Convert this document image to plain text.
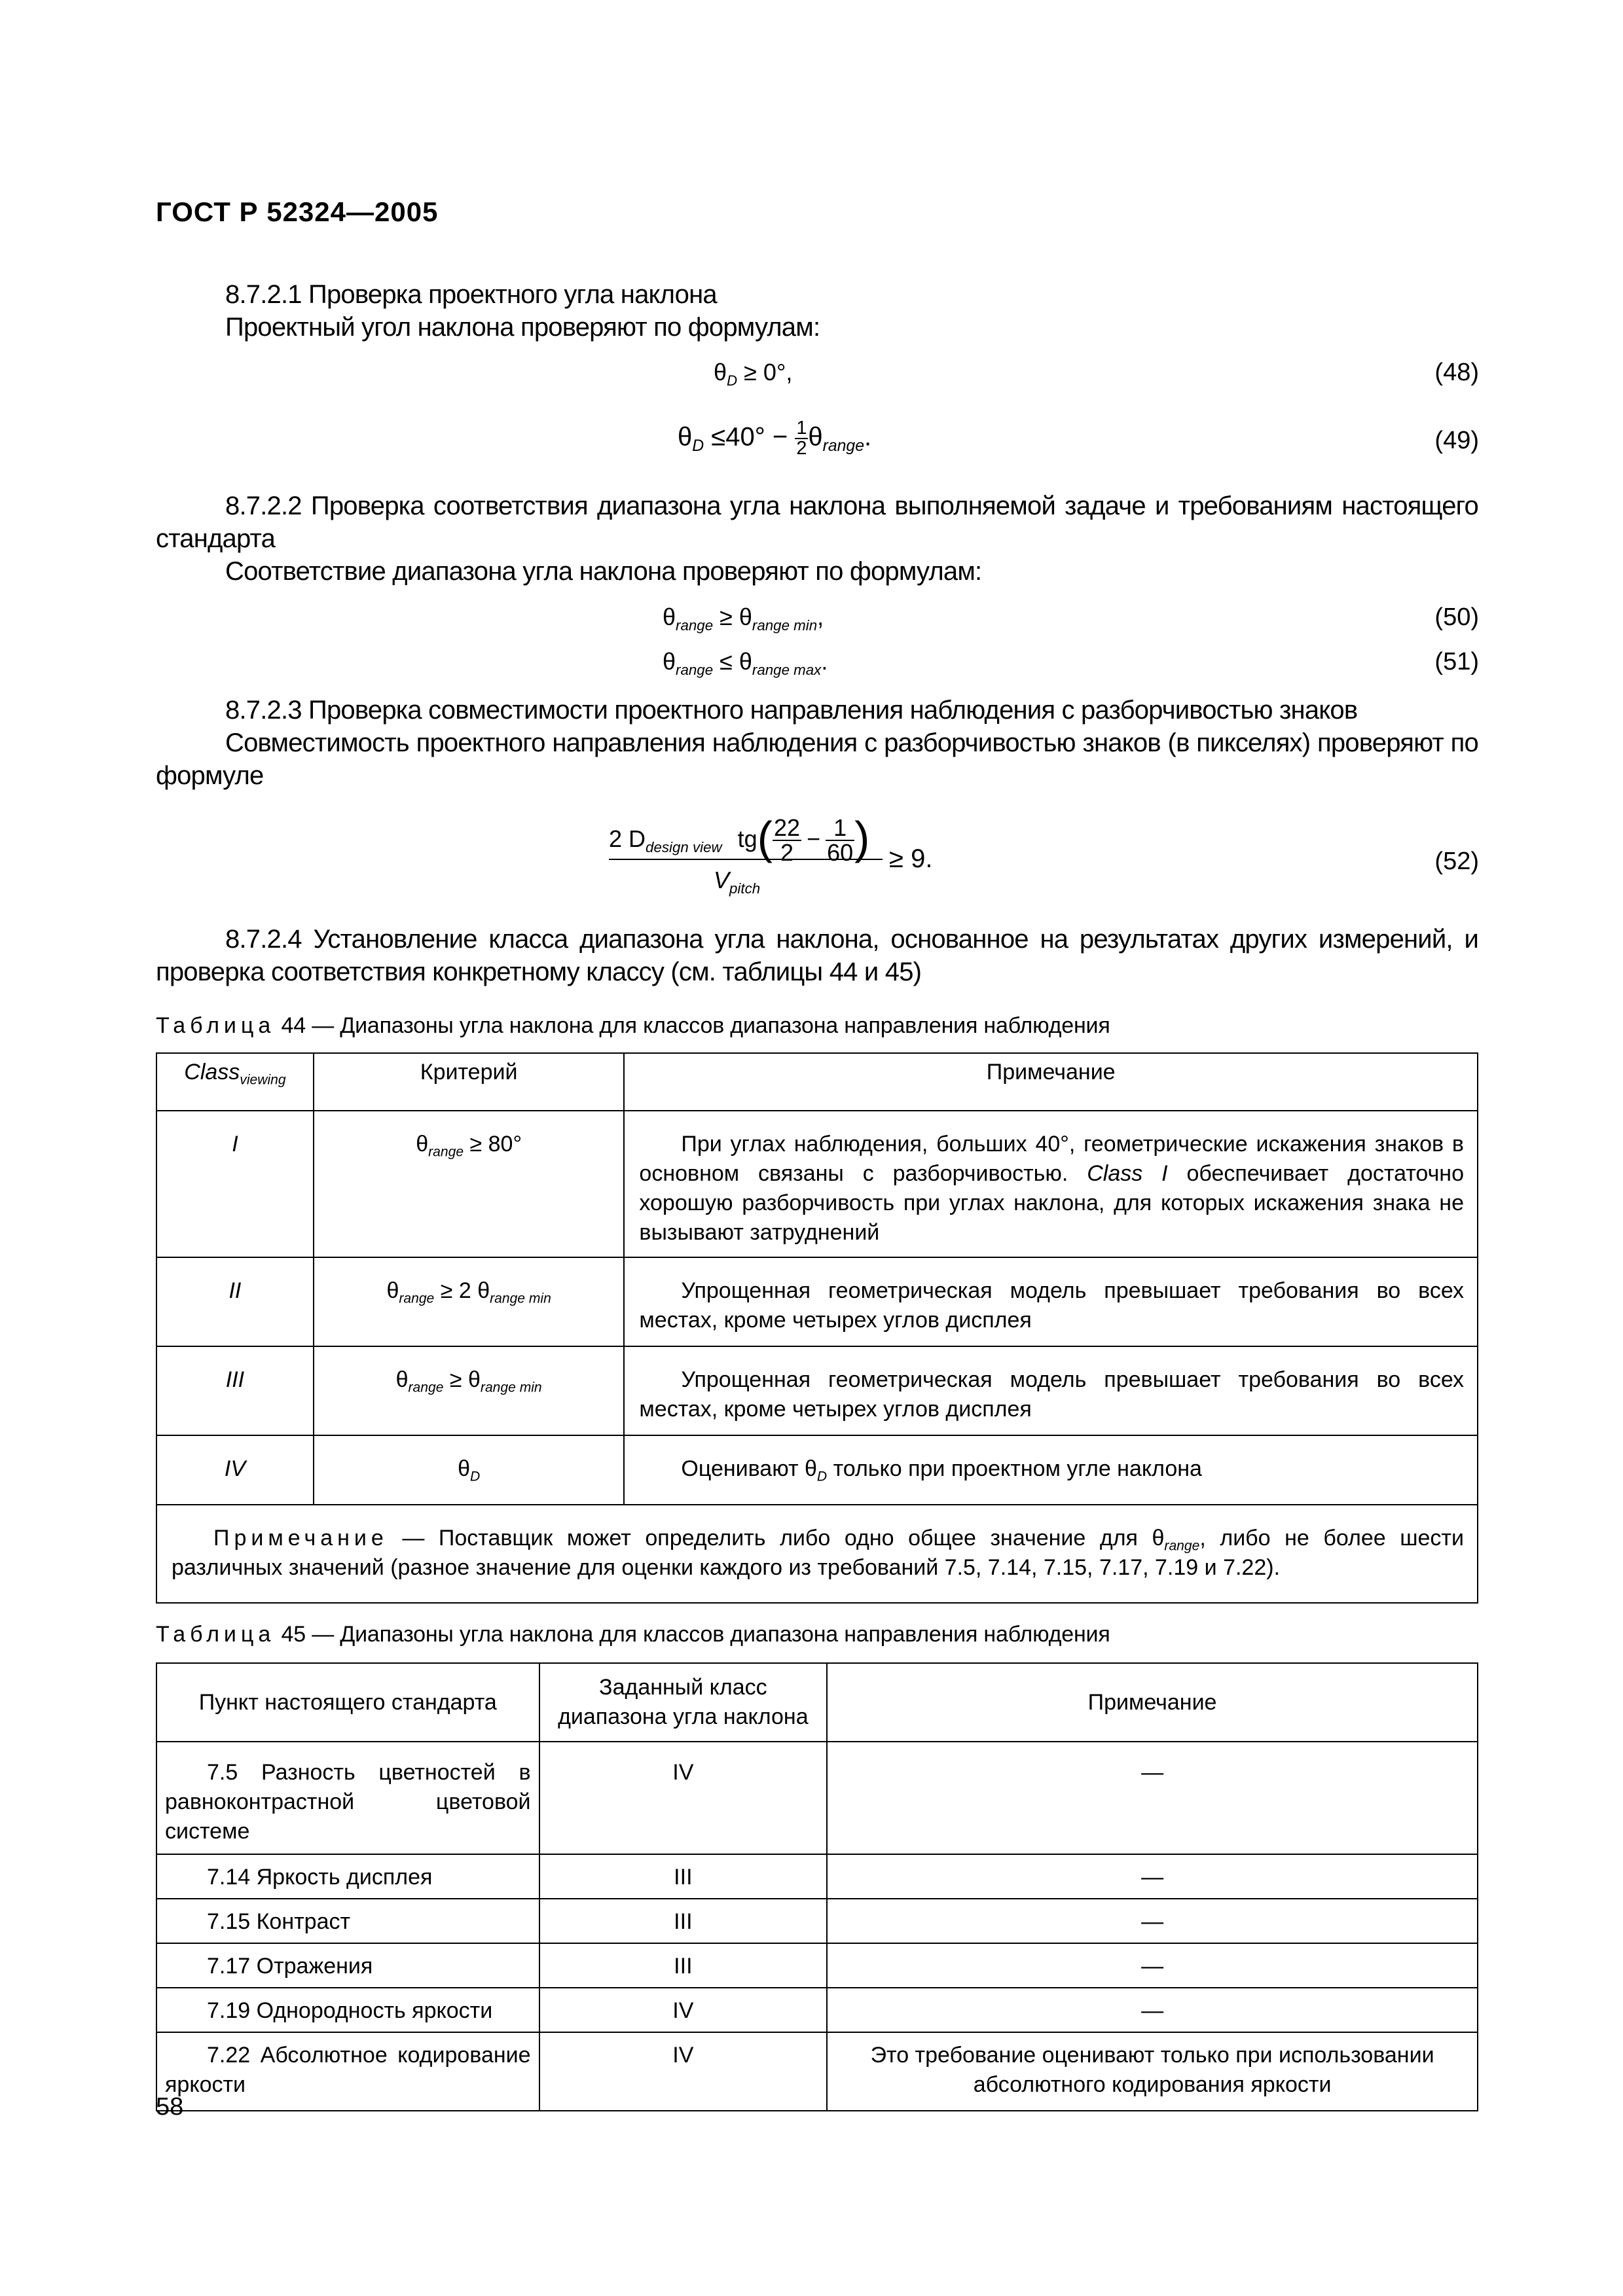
ГОСТ Р 52324—2005
8.7.2.1 Проверка проектного угла наклона
Проектный угол наклона проверяют по формулам:
$\theta_D \ge 0^\circ$,	(48)
$\theta_D \le 40^\circ - \frac{1}{2} \theta_{range}$.	(49)
8.7.2.2 Проверка соответствия диапазона угла наклона выполняемой задаче и требованиям настоящего стандарта
Соответствие диапазона угла наклона проверяют по формулам:
$\theta_{range} \ge \theta_{range min}$,	(50)
$\theta_{range} \le \theta_{range max}$.	(51)
8.7.2.3 Проверка совместимости проектного направления наблюдения с разборчивостью знаков
Совместимость проектного направления наблюдения с разборчивостью знаков (в пикселях) проверяют по формуле
2 $D_{design view}$ $tg( \frac{22}{2} - \frac{1}{60}$ )
$V_{pitch}$
≥ 9.	(52)
8.7.2.4 Установление класса диапазона угла наклона, основанное на результатах других измерений, и проверка соответствия конкретному классу (см. таблицы 44 и 45)
Таблица 44 — Диапазоны угла наклона для классов диапазона направления наблюдения
Class$_{viewing}$	Критерий	Примечание
I	$\theta_{range} \ge 80^\circ$	При углах наблюдения, больших 40°, геометрические искажения знаков в основном связаны с разборчивостью. Class I обеспечивает достаточно хорошую разборчивость при углах наклона, для которых искажения знака не вызывают затруднений
II	$\theta_{range} \ge 2$ $\theta_{range min}$	Упрощенная геометрическая модель превышает требования во всех местах, кроме четырех углов дисплея
III	$\theta_{range} \ge \theta_{range min}$	Упрощенная геометрическая модель превышает требования во всех местах, кроме четырех углов дисплея
IV	$\theta_D$	Оценивают $\theta_D$ только при проектном угле наклона
Примечание — Поставщик может определить либо одно общее значение для $\theta_{range}$, либо не более шести различных значений (разное значение для оценки каждого из требований 7.5, 7.14, 7.15, 7.17, 7.19 и 7.22).		
Таблица 45 — Диапазоны угла наклона для классов диапазона направления наблюдения
Пункт настоящего стандарта	Заданный класс диапазона угла наклона	Примечание
7.5 Разность цветностей в равноконтрастной цветовой системе	IV	—
7.14 Яркость дисплея	III	—
7.15 Контраст	III	—
7.17 Отражения	III	—
7.19 Однородность яркости	IV	—
7.22 Абсолютное кодирование яркости	IV	Это требование оценивают только при использовании абсолютного кодирования яркости
58
